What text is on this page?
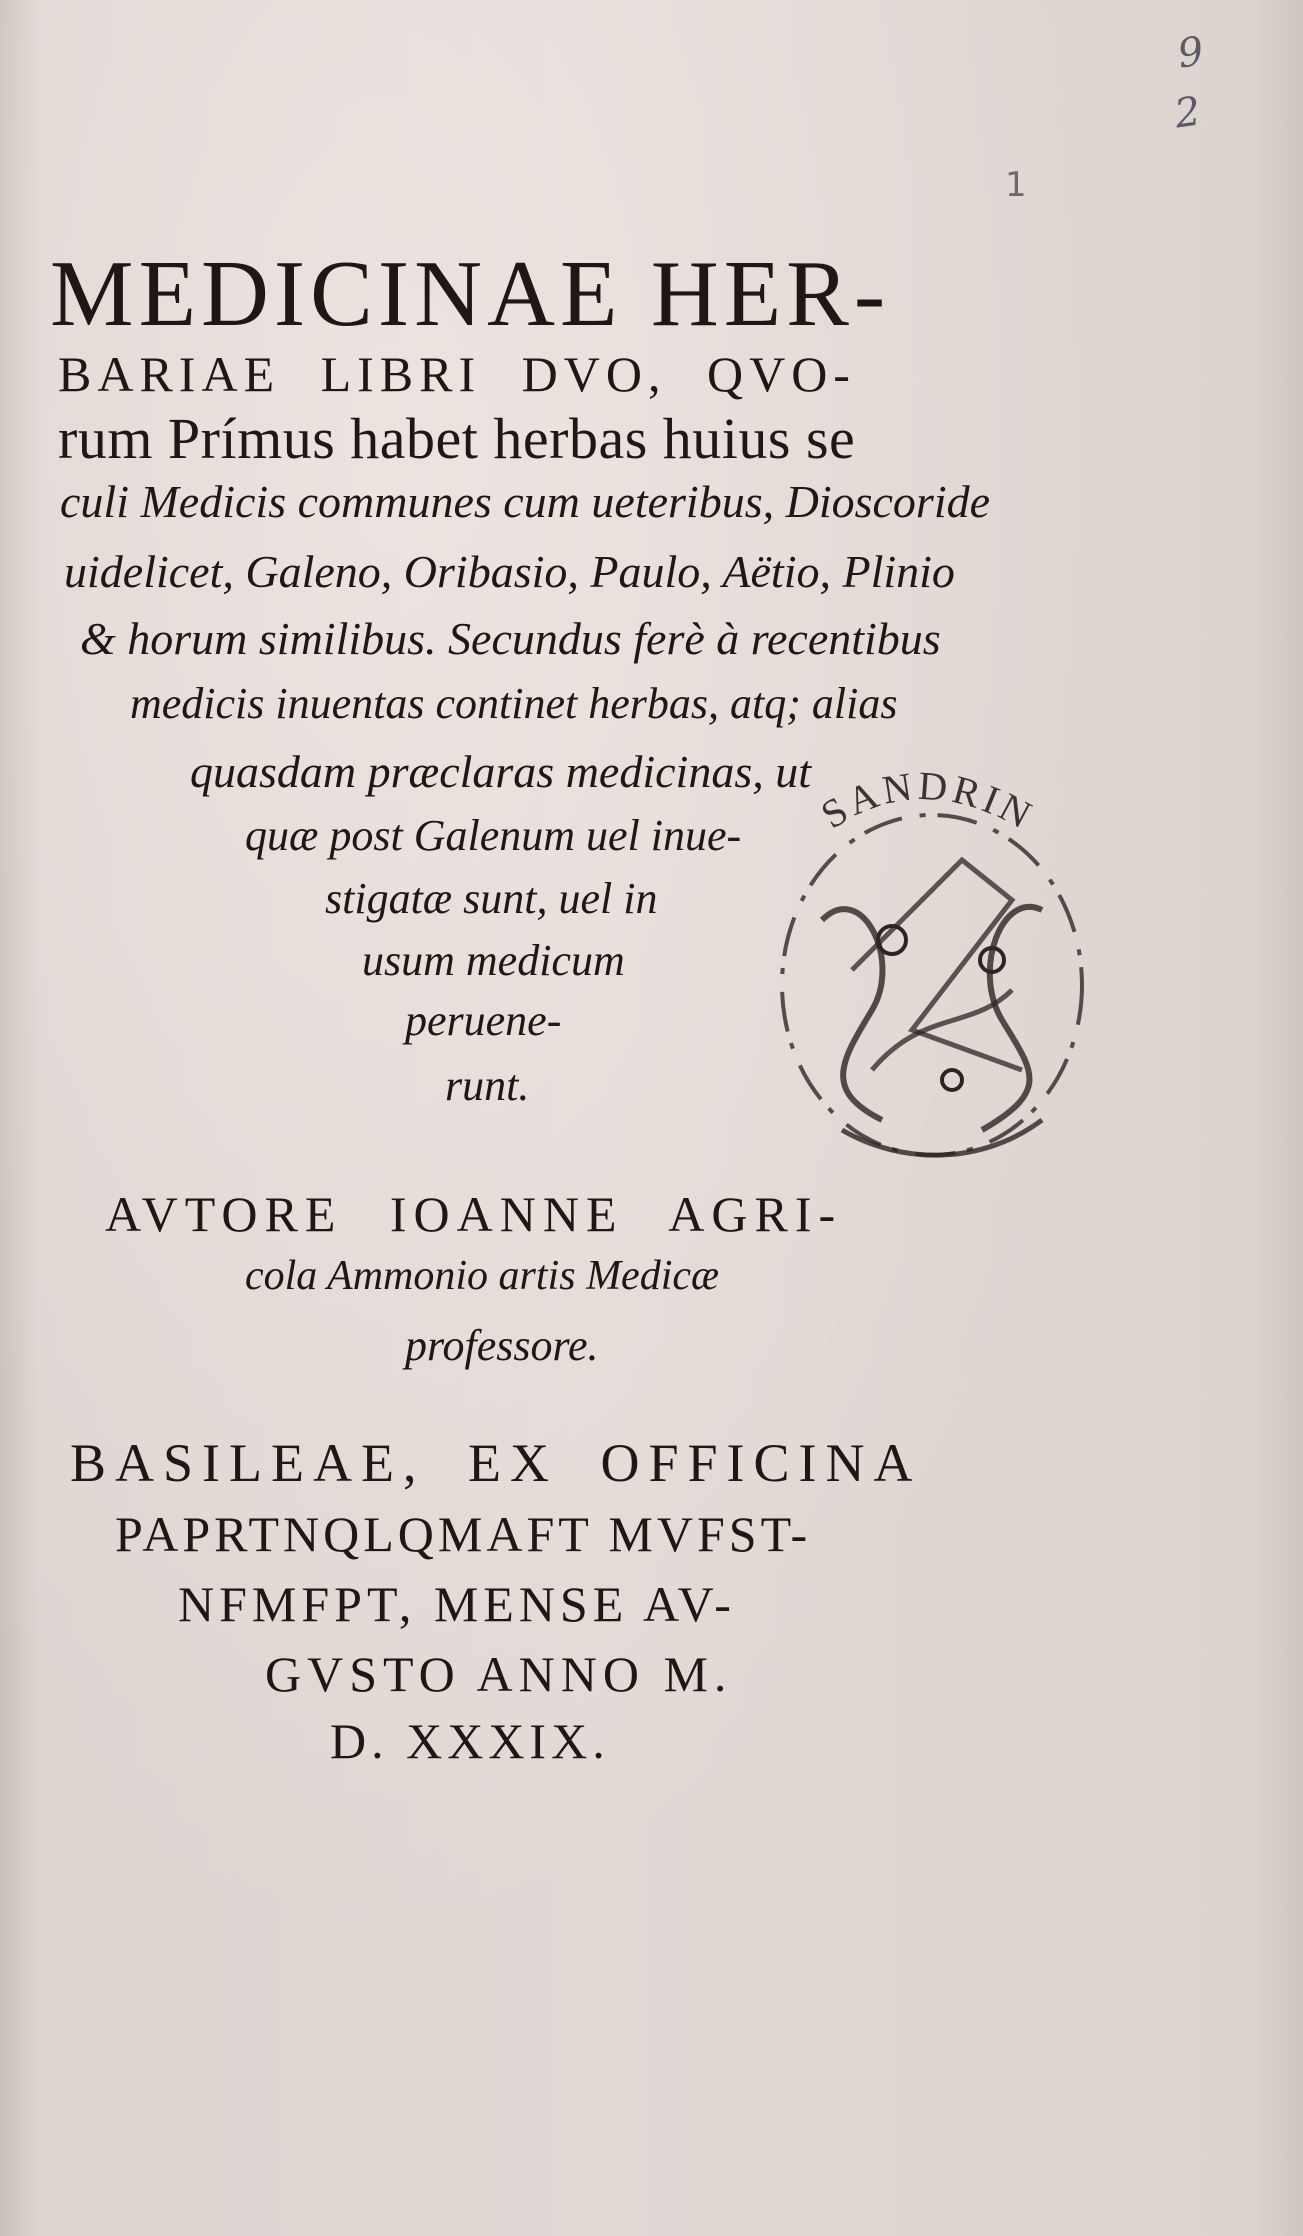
9
2
1

MEDICINAE HER-

BARIAE LIBRI DVO, QVO-

rum Prímus habet herbas huius se

culi Medicis communes cum ueteribus, Dioscoride

uidelicet, Galeno, Oribasio, Paulo, Aëtio, Plinio

& horum similibus. Secundus ferè à recentibus

medicis inuentas continet herbas, atq; alias

quasdam præclaras medicinas, ut

quæ post Galenum uel inue-

stigatæ sunt, uel in

usum medicum

peruene-

runt.

SANDRIN

AVTORE IOANNE AGRI-

cola Ammonio artis Medicæ

professore.

BASILEAE, EX OFFICINA

PAPRTNQLQMAFT MVFST-

NFMFPT, MENSE AV-

GVSTO ANNO M.

D. XXXIX.
